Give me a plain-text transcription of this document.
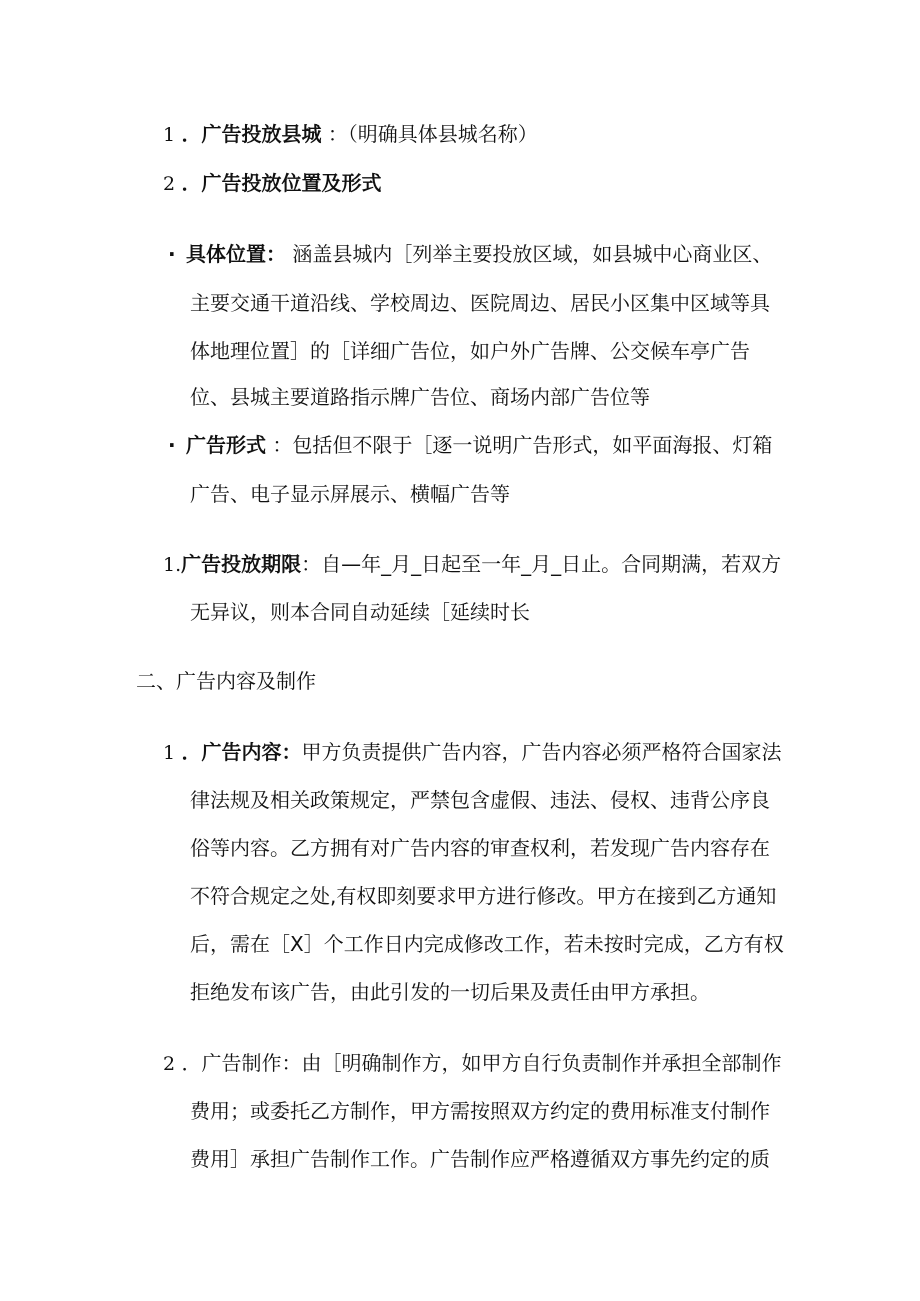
1 ．广告投放县城 ：（明确具体县城名称）
2 ．广告投放位置及形式
· 具体位置： 涵盖县城内［列举主要投放区域，如县城中心商业区、
主要交通干道沿线、学校周边、医院周边、居民小区集中区域等具
体地理位置］的［详细广告位，如户外广告牌、公交候车亭广告
位、县城主要道路指示牌广告位、商场内部广告位等
· 广告形式 ：包括但不限于［逐一说明广告形式，如平面海报、灯箱
广告、电子显示屏展示、横幅广告等
1.广告投放期限：自—年_月_日起至一年_月_日止。合同期满，若双方
无异议，则本合同自动延续［延续时长
二、广告内容及制作
1 ．广告内容：甲方负责提供广告内容，广告内容必须严格符合国家法
律法规及相关政策规定，严禁包含虚假、违法、侵权、违背公序良
俗等内容。乙方拥有对广告内容的审查权利，若发现广告内容存在
不符合规定之处,有权即刻要求甲方进行修改。甲方在接到乙方通知
后，需在［X］个工作日内完成修改工作，若未按时完成，乙方有权
拒绝发布该广告，由此引发的一切后果及责任由甲方承担。
2 ．广告制作：由［明确制作方，如甲方自行负责制作并承担全部制作
费用；或委托乙方制作，甲方需按照双方约定的费用标准支付制作
费用］承担广告制作工作。广告制作应严格遵循双方事先约定的质
